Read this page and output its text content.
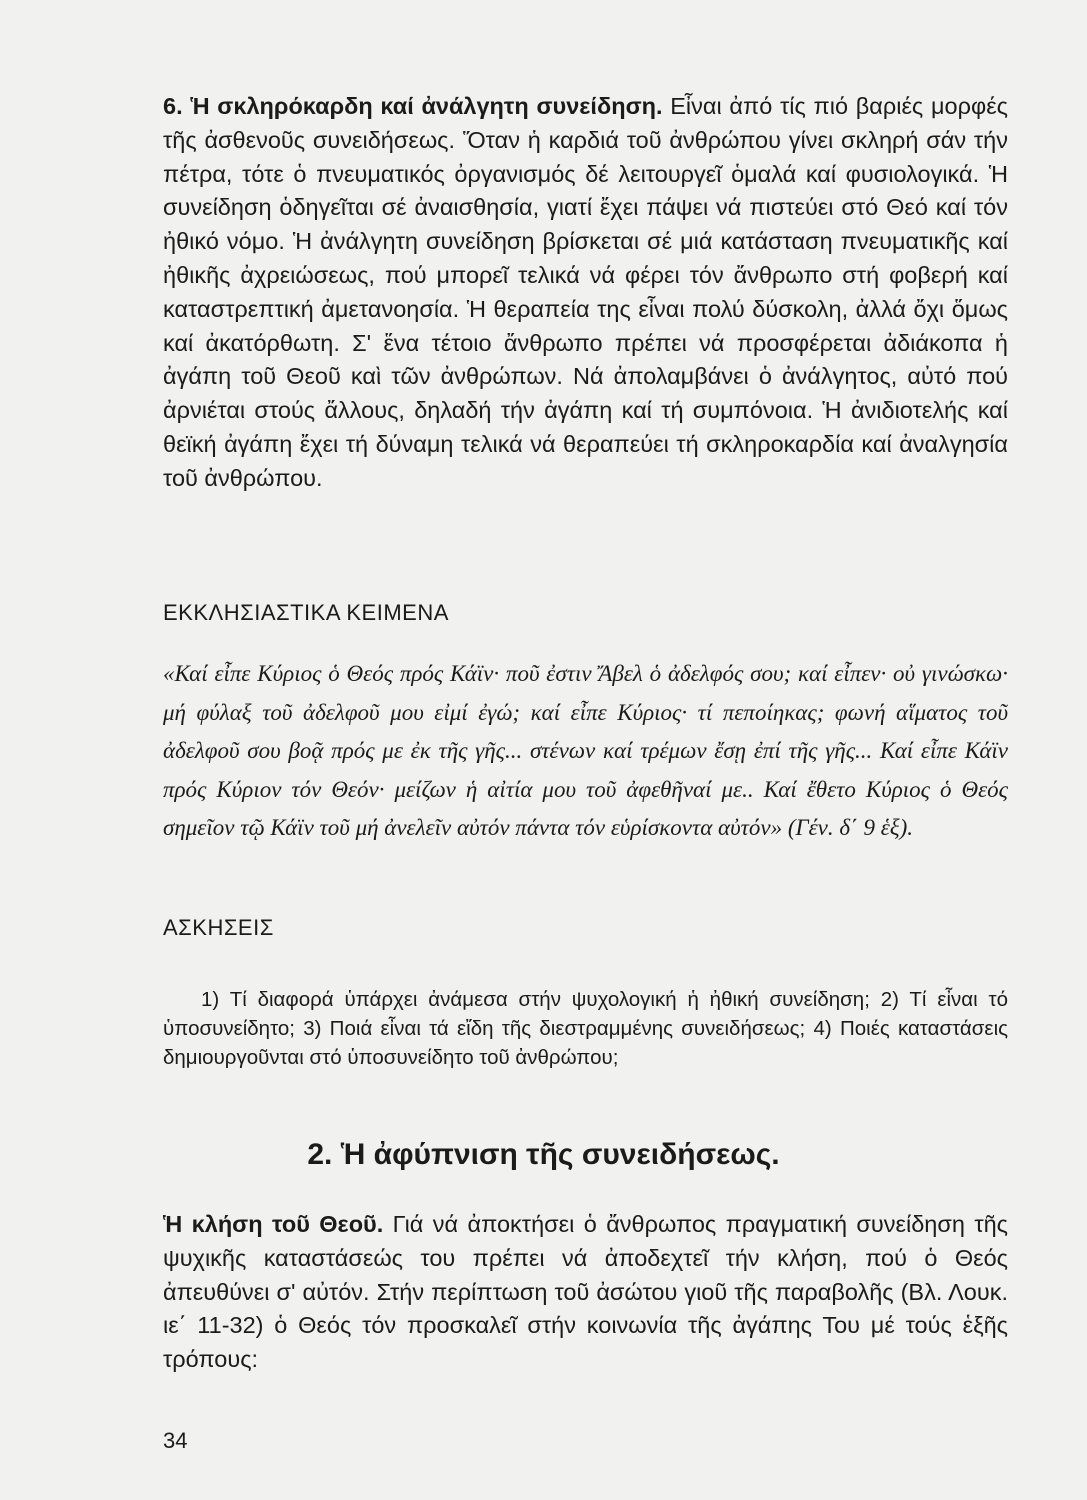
6. Ἡ σκληρόκαρδη καί ἀνάλγητη συνείδηση. Εἶναι ἀπό τίς πιό βαριές μορφές τῆς ἀσθενοῦς συνειδήσεως. Ὅταν ἡ καρδιά τοῦ ἀνθρώπου γίνει σκληρή σάν τήν πέτρα, τότε ὁ πνευματικός ὀργανισμός δέ λειτουργεῖ ὁμαλά καί φυσιολογικά. Ἡ συνείδηση ὁδηγεῖται σέ ἀναισθησία, γιατί ἔχει πάψει νά πιστεύει στό Θεό καί τόν ἠθικό νόμο. Ἡ ἀνάλγητη συνείδηση βρίσκεται σέ μιά κατάσταση πνευματικῆς καί ἠθικῆς ἀχρειώσεως, πού μπορεῖ τελικά νά φέρει τόν ἄνθρωπο στή φοβερή καί καταστρεπτική ἀμετανοησία. Ἡ θεραπεία της εἶναι πολύ δύσκολη, ἀλλά ὄχι ὅμως καί ἀκατόρθωτη. Σ' ἕνα τέτοιο ἄνθρωπο πρέπει νά προσφέρεται ἀδιάκοπα ἡ ἀγάπη τοῦ Θεοῦ καὶ τῶν ἀνθρώπων. Νά ἀπολαμβάνει ὁ ἀνάλγητος, αὐτό πού ἀρνιέται στούς ἄλλους, δηλαδή τήν ἀγάπη καί τή συμπόνοια. Ἡ ἀνιδιοτελής καί θεϊκή ἀγάπη ἔχει τή δύναμη τελικά νά θεραπεύει τή σκληροκαρδία καί ἀναλγησία τοῦ ἀνθρώπου.

ΕΚΚΛΗΣΙΑΣΤΙΚΑ ΚΕΙΜΕΝΑ

«Καί εἶπε Κύριος ὁ Θεός πρός Κάϊν· ποῦ ἐστιν Ἄβελ ὁ ἀδελφός σου; καί εἶπεν· οὐ γινώσκω· μή φύλαξ τοῦ ἀδελφοῦ μου εἰμί ἐγώ; καί εἶπε Κύριος· τί πεποίηκας; φωνή αἵματος τοῦ ἀδελφοῦ σου βοᾷ πρός με ἐκ τῆς γῆς... στένων καί τρέμων ἔσῃ ἐπί τῆς γῆς... Καί εἶπε Κάϊν πρός Κύριον τόν Θεόν· μείζων ἡ αἰτία μου τοῦ ἀφεθῆναί με.. Καί ἔθετο Κύριος ὁ Θεός σημεῖον τῷ Κάϊν τοῦ μή ἀνελεῖν αὐτόν πάντα τόν εὑρίσκοντα αὐτόν» (Γέν. δ΄ 9 ἑξ).

ΑΣΚΗΣΕΙΣ

1) Τί διαφορά ὑπάρχει ἀνάμεσα στήν ψυχολογική ἡ ἠθική συνείδηση; 2) Τί εἶναι τό ὑποσυνείδητο; 3) Ποιά εἶναι τά εἴδη τῆς διεστραμμένης συνειδήσεως; 4) Ποιές καταστάσεις δημιουργοῦνται στό ὑποσυνείδητο τοῦ ἀνθρώπου;

2. Ἡ ἀφύπνιση τῆς συνειδήσεως.

Ἡ κλήση τοῦ Θεοῦ. Γιά νά ἀποκτήσει ὁ ἄνθρωπος πραγματική συνείδηση τῆς ψυχικῆς καταστάσεώς του πρέπει νά ἀποδεχτεῖ τήν κλήση, πού ὁ Θεός ἀπευθύνει σ' αὐτόν. Στήν περίπτωση τοῦ ἀσώτου γιοῦ τῆς παραβολῆς (Βλ. Λουκ. ιε΄ 11-32) ὁ Θεός τόν προσκαλεῖ στήν κοινωνία τῆς ἀγάπης Του μέ τούς ἑξῆς τρόπους:

34
